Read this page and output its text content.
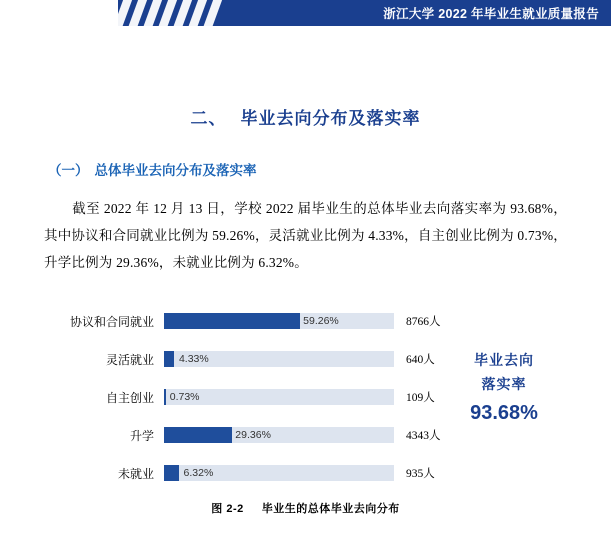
浙江大学 2022 年毕业生就业质量报告
二、 毕业去向分布及落实率
（一） 总体毕业去向分布及落实率
截至 2022 年 12 月 13 日，学校 2022 届毕业生的总体毕业去向落实率为 93.68%，其中协议和合同就业比例为 59.26%，灵活就业比例为 4.33%，自主创业比例为 0.73%，升学比例为 29.36%，未就业比例为 6.32%。
协议和合同就业	59.26%	8766人
灵活就业	4.33%	640人
自主创业	0.73%	109人
升学	29.36%	4343人
未就业	6.32%	935人
毕业去向
落实率
93.68%
图 2-2 毕业生的总体毕业去向分布
